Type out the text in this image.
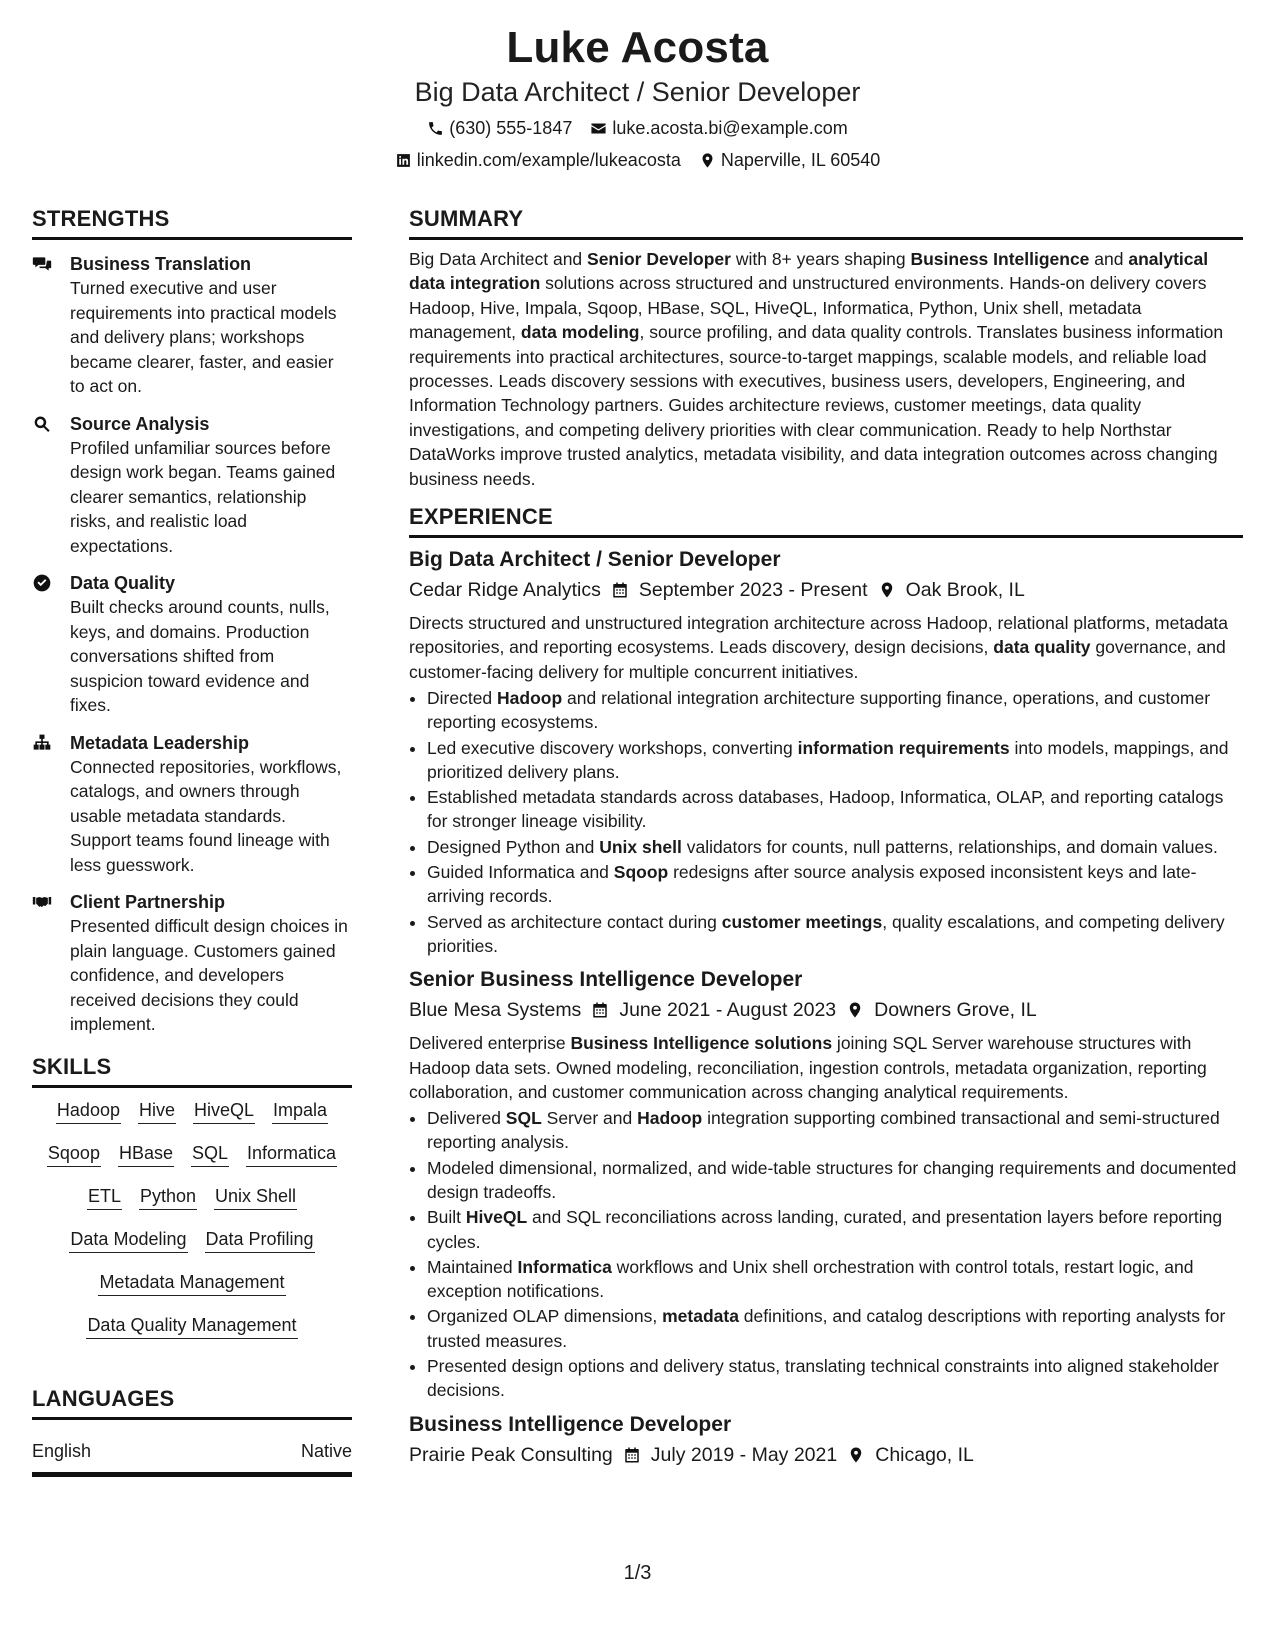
Luke Acosta
Big Data Architect / Senior Developer
(630) 555-1847 luke.acosta.bi@example.com
linkedin.com/example/lukeacosta Naperville, IL 60540
STRENGTHS
Business Translation
Turned executive and user requirements into practical models and delivery plans; workshops became clearer, faster, and easier to act on.
Source Analysis
Profiled unfamiliar sources before design work began. Teams gained clearer semantics, relationship risks, and realistic load expectations.
Data Quality
Built checks around counts, nulls, keys, and domains. Production conversations shifted from suspicion toward evidence and fixes.
Metadata Leadership
Connected repositories, workflows, catalogs, and owners through usable metadata standards. Support teams found lineage with less guesswork.
Client Partnership
Presented difficult design choices in plain language. Customers gained confidence, and developers received decisions they could implement.
SKILLS
Hadoop Hive HiveQL Impala
Sqoop HBase SQL Informatica
ETL Python Unix Shell
Data Modeling Data Profiling
Metadata Management
Data Quality Management
LANGUAGES
English	Native
SUMMARY

Big Data Architect and Senior Developer with 8+ years shaping Business Intelligence and analytical data integration solutions across structured and unstructured environments. Hands-on delivery covers Hadoop, Hive, Impala, Sqoop, HBase, SQL, HiveQL, Informatica, Python, Unix shell, metadata management, data modeling, source profiling, and data quality controls. Translates business information requirements into practical architectures, source-to-target mappings, scalable models, and reliable load processes. Leads discovery sessions with executives, business users, developers, Engineering, and Information Technology partners. Guides architecture reviews, customer meetings, data quality investigations, and competing delivery priorities with clear communication. Ready to help Northstar DataWorks improve trusted analytics, metadata visibility, and data integration outcomes across changing business needs.

EXPERIENCE
Big Data Architect / Senior Developer
Cedar Ridge Analytics September 2023 - Present Oak Brook, IL

Directs structured and unstructured integration architecture across Hadoop, relational platforms, metadata repositories, and reporting ecosystems. Leads discovery, design decisions, data quality governance, and customer-facing delivery for multiple concurrent initiatives.

• Directed Hadoop and relational integration architecture supporting finance, operations, and customer reporting ecosystems.
• Led executive discovery workshops, converting information requirements into models, mappings, and prioritized delivery plans.
• Established metadata standards across databases, Hadoop, Informatica, OLAP, and reporting catalogs for stronger lineage visibility.
• Designed Python and Unix shell validators for counts, null patterns, relationships, and domain values.
• Guided Informatica and Sqoop redesigns after source analysis exposed inconsistent keys and late-arriving records.
• Served as architecture contact during customer meetings, quality escalations, and competing delivery priorities.
Senior Business Intelligence Developer
Blue Mesa Systems June 2021 - August 2023 Downers Grove, IL

Delivered enterprise Business Intelligence solutions joining SQL Server warehouse structures with Hadoop data sets. Owned modeling, reconciliation, ingestion controls, metadata organization, reporting collaboration, and customer communication across changing analytical requirements.

• Delivered SQL Server and Hadoop integration supporting combined transactional and semi-structured reporting analysis.
• Modeled dimensional, normalized, and wide-table structures for changing requirements and documented design tradeoffs.
• Built HiveQL and SQL reconciliations across landing, curated, and presentation layers before reporting cycles.
• Maintained Informatica workflows and Unix shell orchestration with control totals, restart logic, and exception notifications.
• Organized OLAP dimensions, metadata definitions, and catalog descriptions with reporting analysts for trusted measures.
• Presented design options and delivery status, translating technical constraints into aligned stakeholder decisions.
Business Intelligence Developer
Prairie Peak Consulting July 2019 - May 2021 Chicago, IL
1/3
